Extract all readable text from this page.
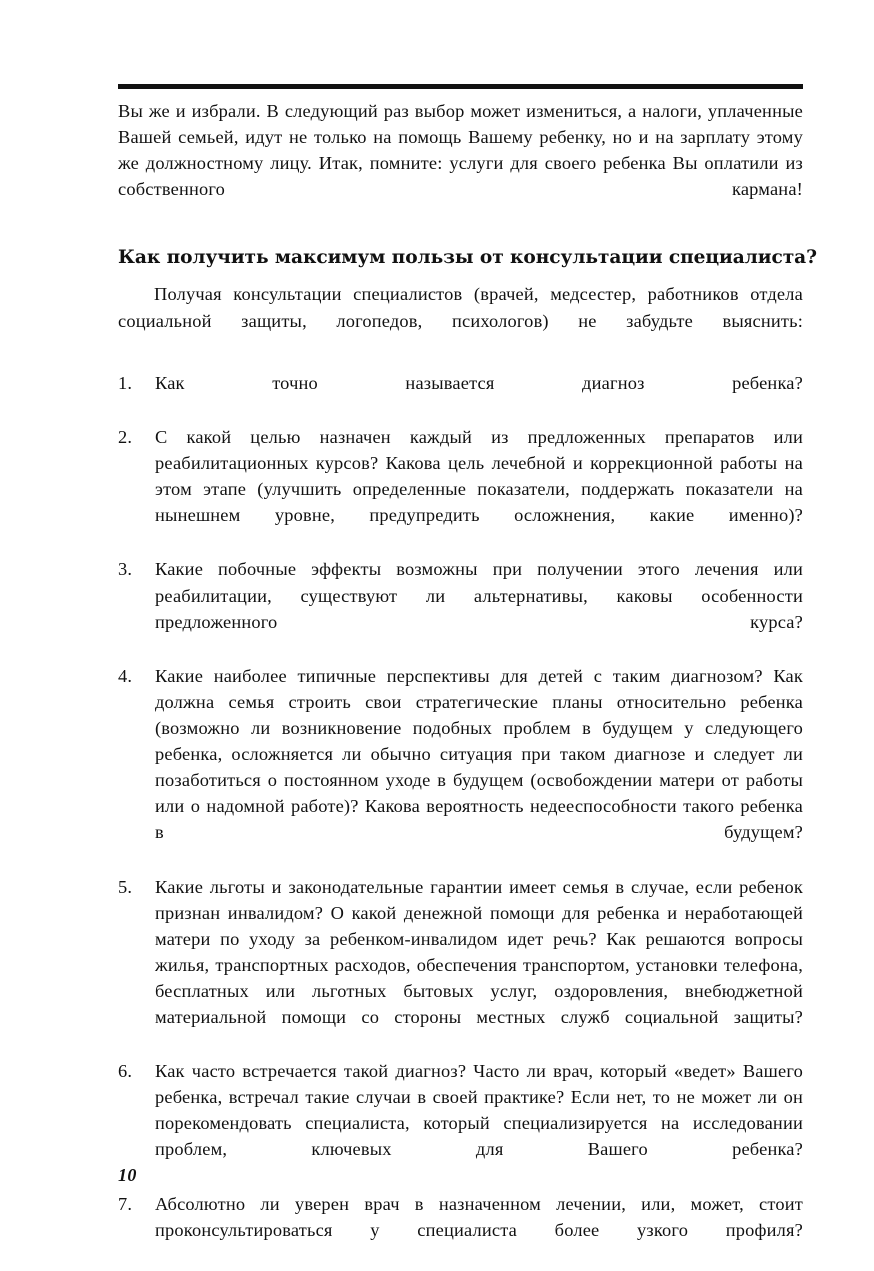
Вы же и избрали. В следующий раз выбор может измениться, а налоги, уплаченные Вашей семьей, идут не только на помощь Вашему ребенку, но и на зарплату этому же должностному лицу. Итак, помните: услуги для своего ребенка Вы оплатили из собственного кармана!

Как получить максимум пользы от консультации специалиста?

Получая консультации специалистов (врачей, медсестер, работников отдела социальной защиты, логопедов, психологов) не забудьте выяснить:

1.	Как точно называется диагноз ребенка?
2.	С какой целью назначен каждый из предложенных препаратов или реабилитационных курсов? Какова цель лечебной и коррекционной работы на этом этапе (улучшить определенные показатели, поддержать показатели на нынешнем уровне, предупредить осложнения, какие именно)?
3.	Какие побочные эффекты возможны при получении этого лечения или реабилитации, существуют ли альтернативы, каковы особенности предложенного курса?
4.	Какие наиболее типичные перспективы для детей с таким диагнозом? Как должна семья строить свои стратегические планы относительно ребенка (возможно ли возникновение подобных проблем в будущем у следующего ребенка, осложняется ли обычно ситуация при таком диагнозе и следует ли позаботиться о постоянном уходе в будущем (освобождении матери от работы или о надомной работе)? Какова вероятность недееспособности такого ребенка в будущем?
5.	Какие льготы и законодательные гарантии имеет семья в случае, если ребенок признан инвалидом? О какой денежной помощи для ребенка и неработающей матери по уходу за ребенком-инвалидом идет речь? Как решаются вопросы жилья, транспортных расходов, обеспечения транспортом, установки телефона, бесплатных или льготных бытовых услуг, оздоровления, внебюджетной материальной помощи со стороны местных служб социальной защиты?
6.	Как часто встречается такой диагноз? Часто ли врач, который «ведет» Вашего ребенка, встречал такие случаи в своей практике? Если нет, то не может ли он порекомендовать специалиста, который специализируется на исследовании проблем, ключевых для Вашего ребенка?
7.	Абсолютно ли уверен врач в назначенном лечении, или, может, стоит проконсультироваться у специалиста более узкого профиля?
10
